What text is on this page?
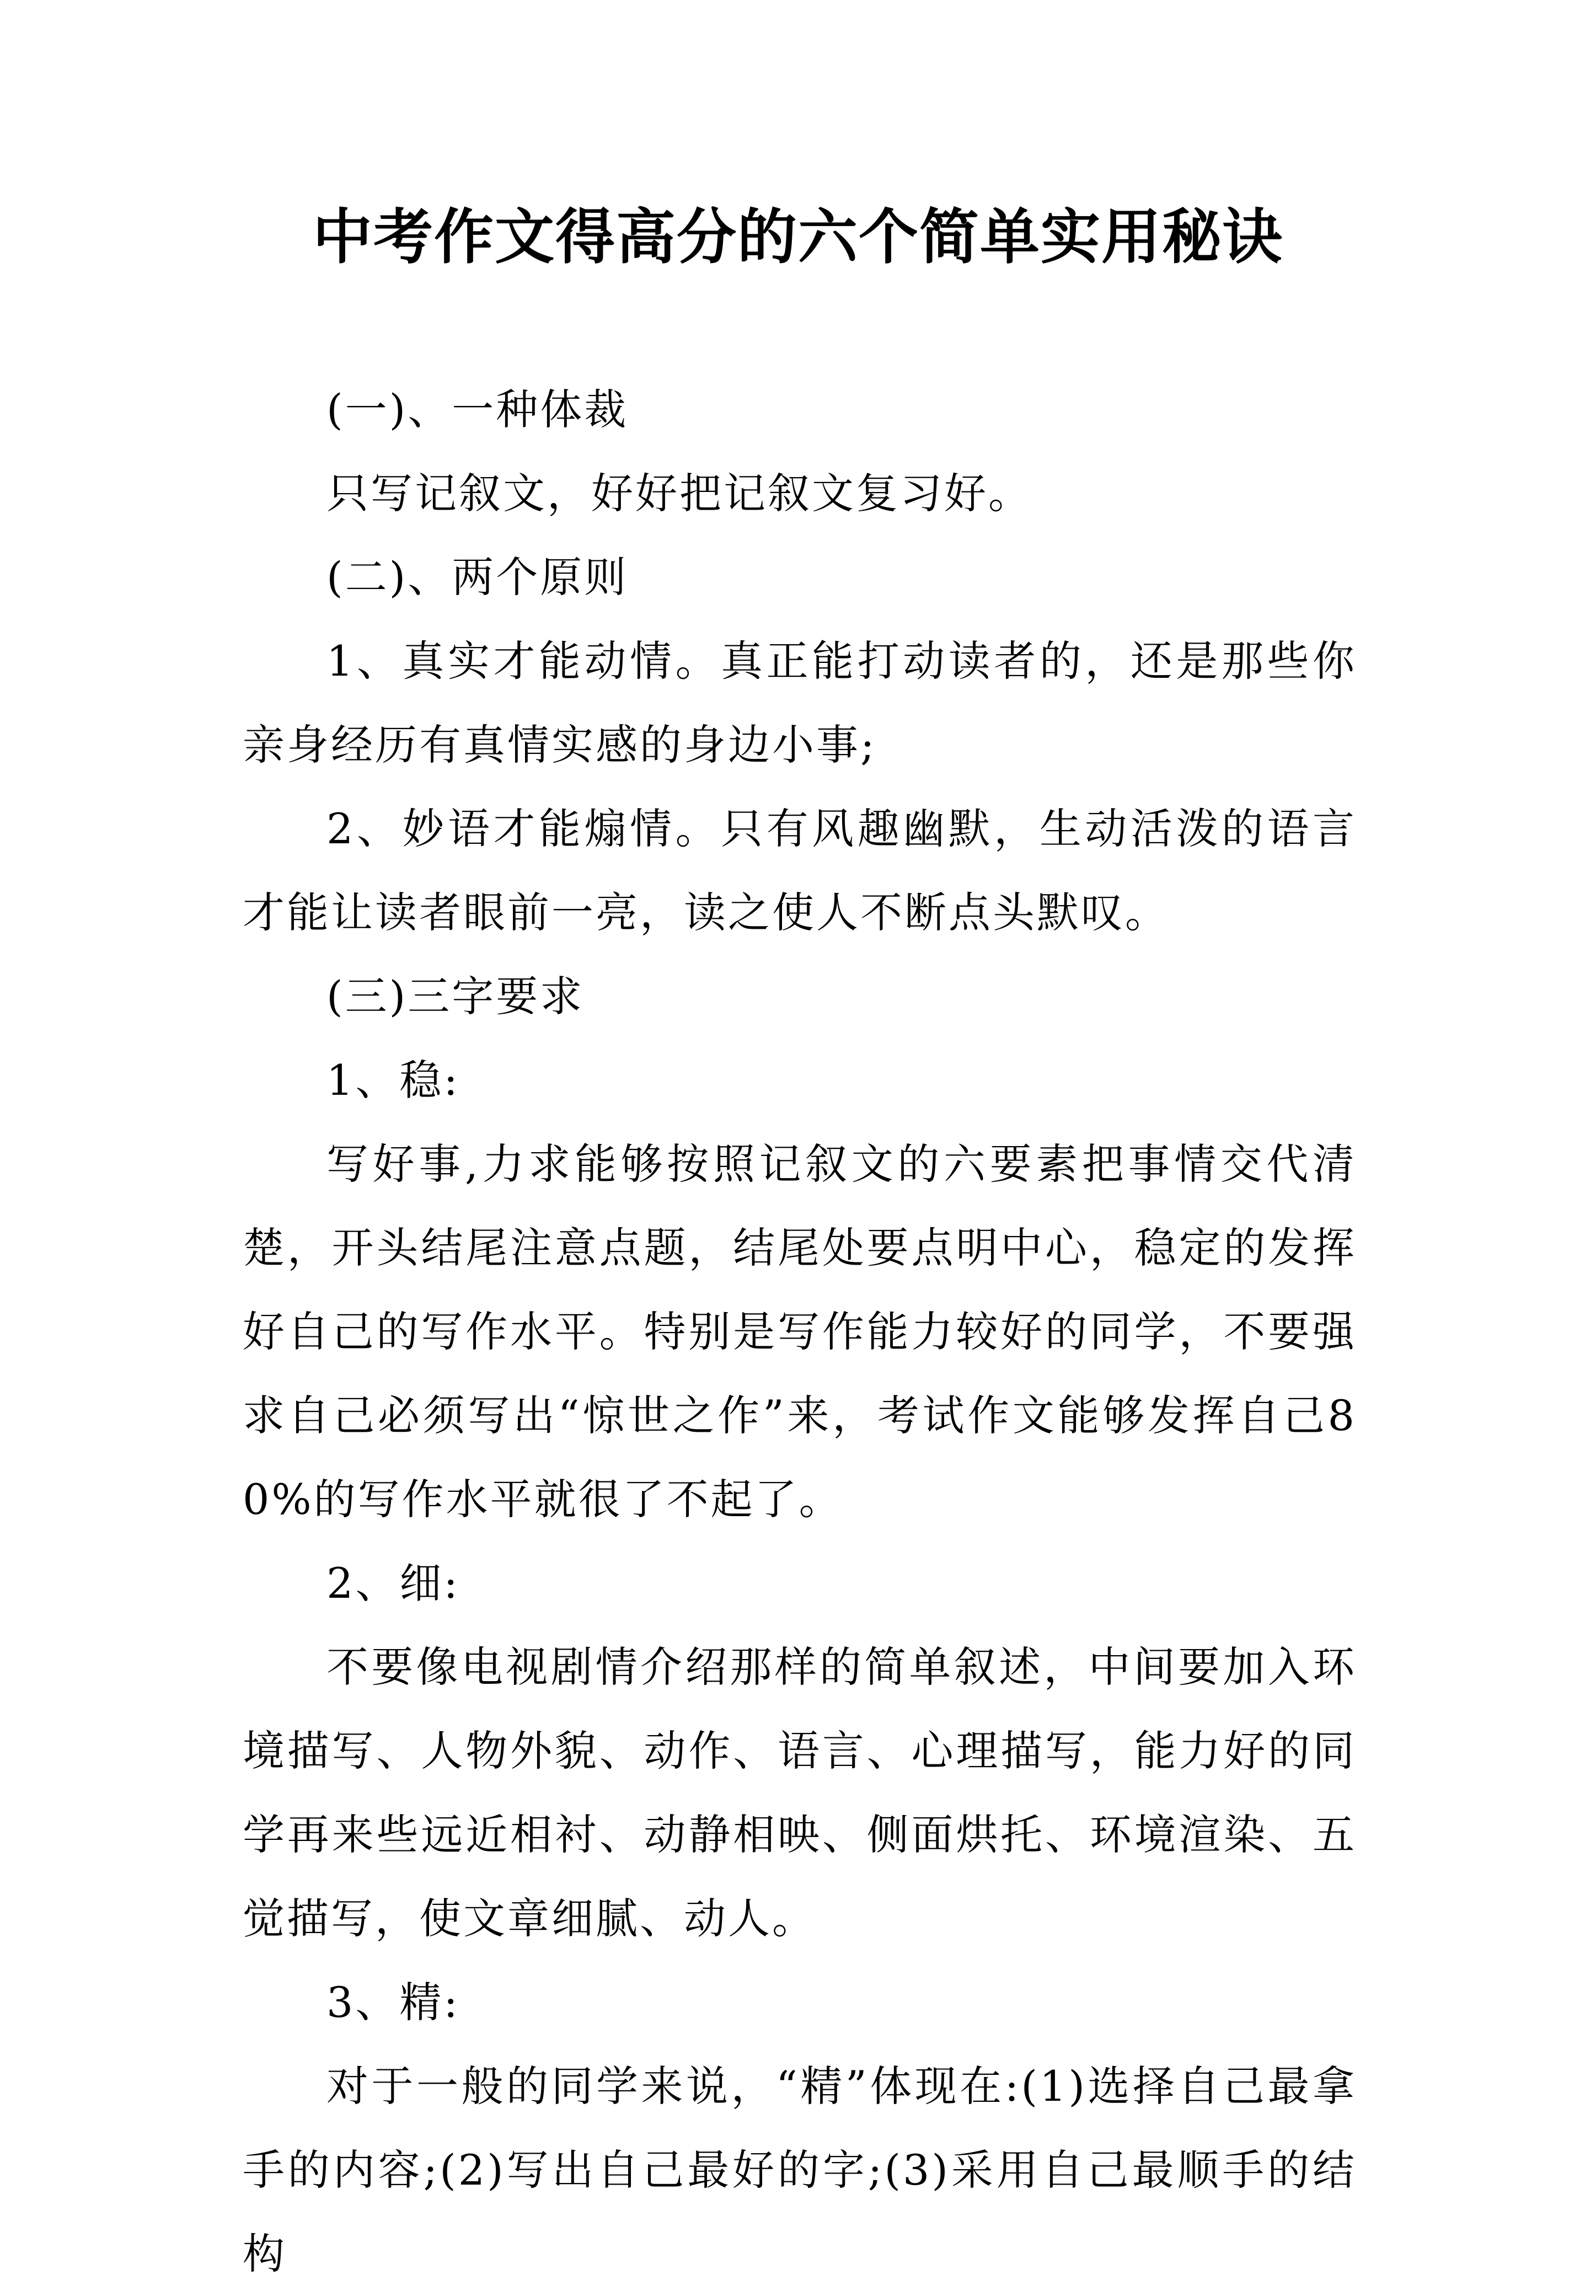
中考作文得高分的六个简单实用秘诀

(一)、一种体裁

只写记叙文，好好把记叙文复习好。

(二)、两个原则

1、真实才能动情。真正能打动读者的，还是那些你亲身经历有真情实感的身边小事;

2、妙语才能煽情。只有风趣幽默，生动活泼的语言才能让读者眼前一亮，读之使人不断点头默叹。

(三)三字要求

1、稳:

写好事,力求能够按照记叙文的六要素把事情交代清楚，开头结尾注意点题，结尾处要点明中心，稳定的发挥好自己的写作水平。特别是写作能力较好的同学，不要强求自己必须写出“惊世之作”来，考试作文能够发挥自己80%的写作水平就很了不起了。

2、细:

不要像电视剧情介绍那样的简单叙述，中间要加入环境描写、人物外貌、动作、语言、心理描写，能力好的同学再来些远近相衬、动静相映、侧面烘托、环境渲染、五觉描写，使文章细腻、动人。

3、精:

对于一般的同学来说，“精”体现在:(1)选择自己最拿手的内容;(2)写出自己最好的字;(3)采用自己最顺手的结构
